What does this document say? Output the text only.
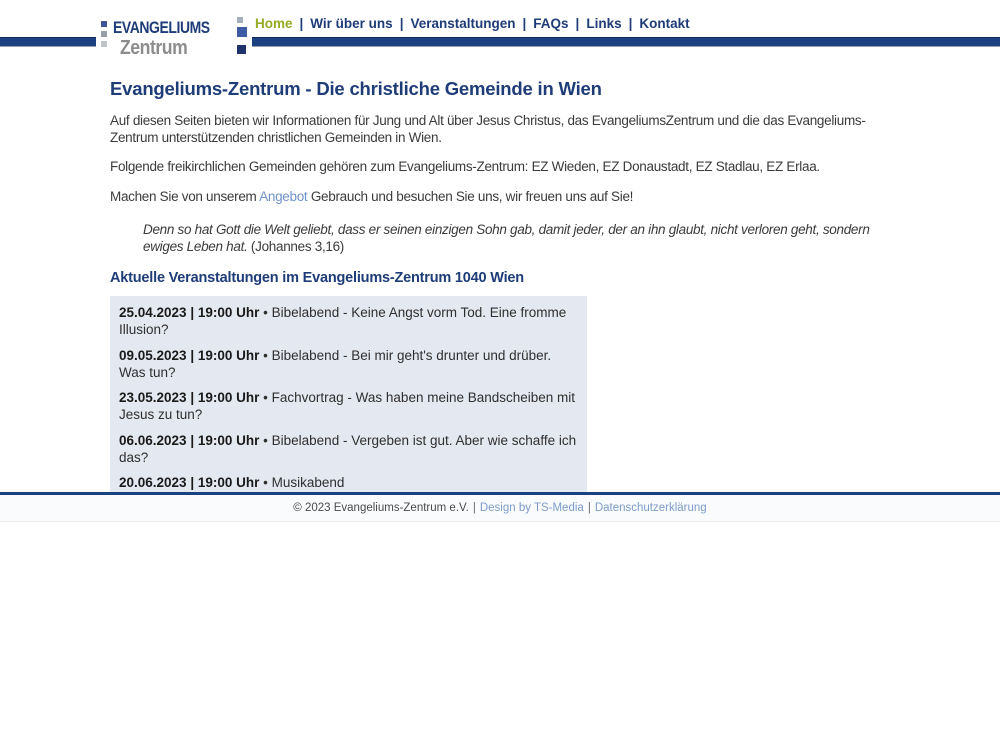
EVANGELIUMS
Zentrum
Home | Wir über uns | Veranstaltungen | FAQs | Links | Kontakt
Evangeliums-Zentrum - Die christliche Gemeinde in Wien

Auf diesen Seiten bieten wir Informationen für Jung und Alt über Jesus Christus, das EvangeliumsZentrum und die das Evangeliums-Zentrum unterstützenden christlichen Gemeinden in Wien.

Folgende freikirchlichen Gemeinden gehören zum Evangeliums-Zentrum: EZ Wieden, EZ Donaustadt, EZ Stadlau, EZ Erlaa.

Machen Sie von unserem Angebot Gebrauch und besuchen Sie uns, wir freuen uns auf Sie!

Denn so hat Gott die Welt geliebt, dass er seinen einzigen Sohn gab, damit jeder, der an ihn glaubt, nicht verloren geht, sondern ewiges Leben hat. (Johannes 3,16)

Aktuelle Veranstaltungen im Evangeliums-Zentrum 1040 Wien
25.04.2023 | 19:00 Uhr • Bibelabend - Keine Angst vorm Tod. Eine fromme Illusion?
09.05.2023 | 19:00 Uhr • Bibelabend - Bei mir geht's drunter und drüber. Was tun?
23.05.2023 | 19:00 Uhr • Fachvortrag - Was haben meine Bandscheiben mit Jesus zu tun?
06.06.2023 | 19:00 Uhr • Bibelabend - Vergeben ist gut. Aber wie schaffe ich das?
20.06.2023 | 19:00 Uhr • Musikabend
© 2023 Evangeliums-Zentrum e.V. | Design by TS-Media | Datenschutzerklärung
